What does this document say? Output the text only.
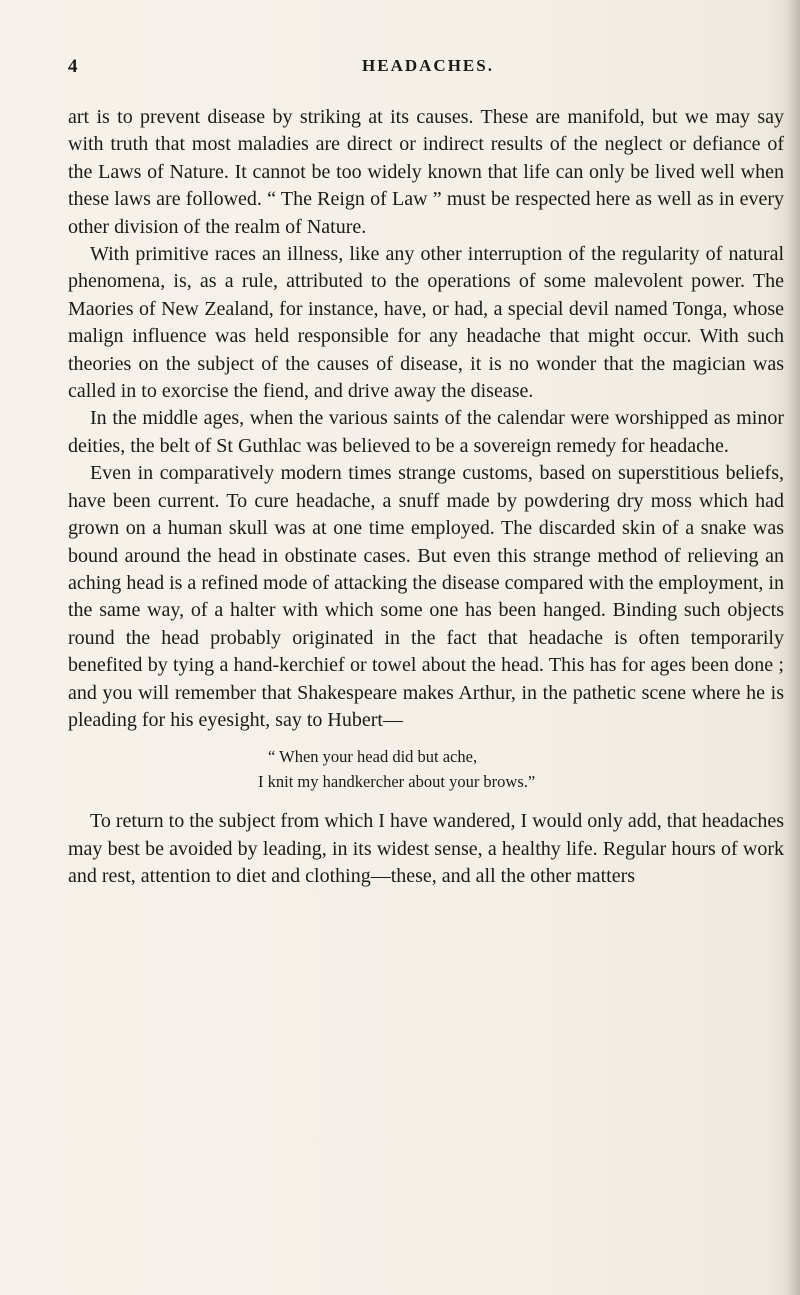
4	HEADACHES.

art is to prevent disease by striking at its causes. These are manifold, but we may say with truth that most maladies are direct or indirect results of the neglect or defiance of the Laws of Nature. It cannot be too widely known that life can only be lived well when these laws are followed. “ The Reign of Law ” must be respected here as well as in every other division of the realm of Nature.

With primitive races an illness, like any other interruption of the regularity of natural phenomena, is, as a rule, attributed to the operations of some malevolent power. The Maories of New Zealand, for instance, have, or had, a special devil named Tonga, whose malign influence was held responsible for any headache that might occur. With such theories on the subject of the causes of disease, it is no wonder that the magician was called in to exorcise the fiend, and drive away the disease.

In the middle ages, when the various saints of the calendar were worshipped as minor deities, the belt of St Guthlac was believed to be a sovereign remedy for headache.

Even in comparatively modern times strange customs, based on superstitious beliefs, have been current. To cure headache, a snuff made by powdering dry moss which had grown on a human skull was at one time employed. The discarded skin of a snake was bound around the head in obstinate cases. But even this strange method of relieving an aching head is a refined mode of attacking the disease compared with the employment, in the same way, of a halter with which some one has been hanged. Binding such objects round the head probably originated in the fact that headache is often temporarily benefited by tying a hand-kerchief or towel about the head. This has for ages been done ; and you will remember that Shakespeare makes Arthur, in the pathetic scene where he is pleading for his eyesight, say to Hubert—

“ When your head did but ache,
I knit my handkercher about your brows.”

To return to the subject from which I have wandered, I would only add, that headaches may best be avoided by leading, in its widest sense, a healthy life. Regular hours of work and rest, attention to diet and clothing—these, and all the other matters
